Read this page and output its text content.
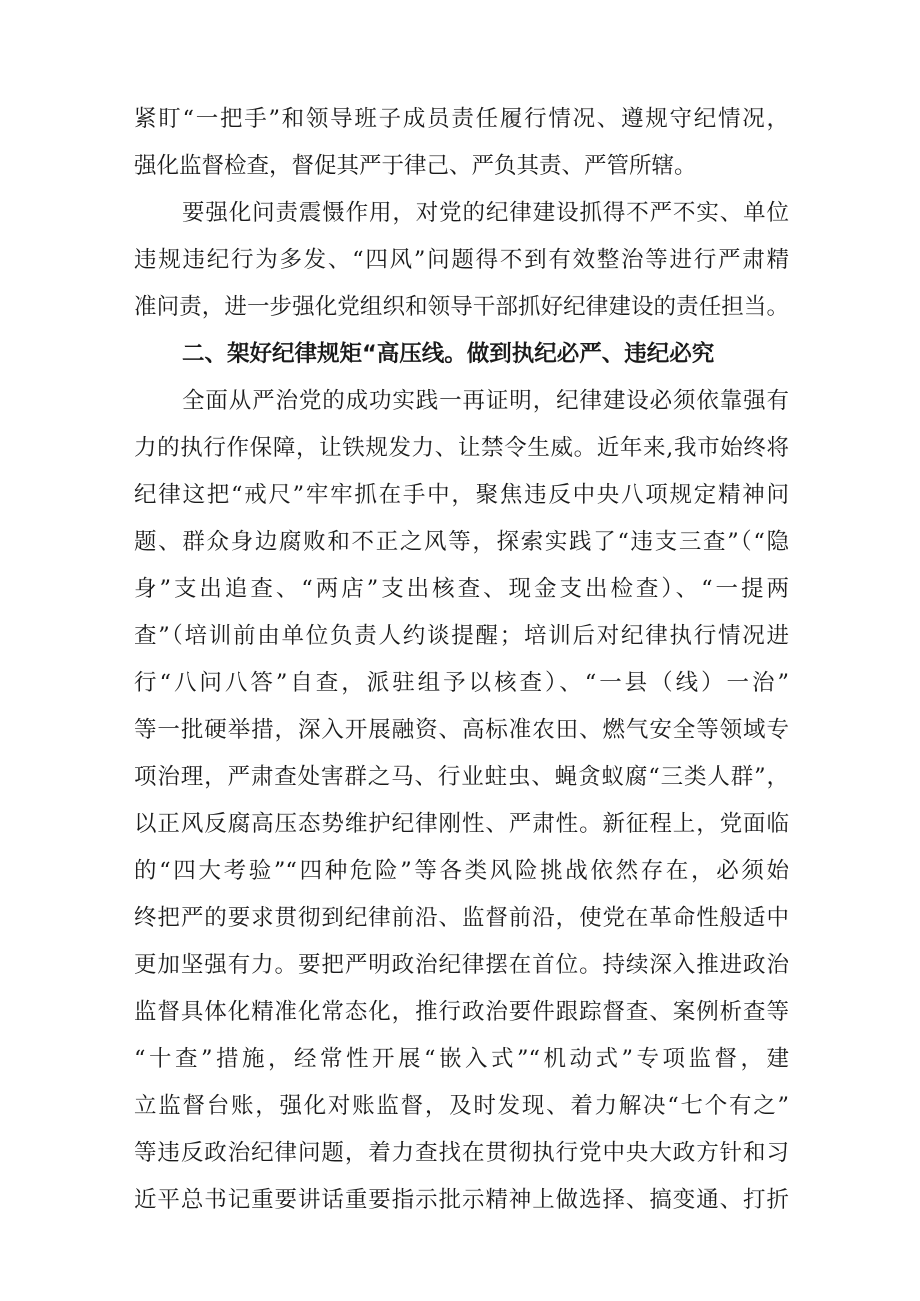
紧盯“一把手”和领导班子成员责任履行情况、遵规守纪情况，
强化监督检查，督促其严于律己、严负其责、严管所辖。
要强化问责震慑作用，对党的纪律建设抓得不严不实、单位
违规违纪行为多发、“四风”问题得不到有效整治等进行严肃精
准问责，进一步强化党组织和领导干部抓好纪律建设的责任担当。
二、架好纪律规矩“高压线。做到执纪必严、违纪必究
全面从严治党的成功实践一再证明，纪律建设必须依靠强有
力的执行作保障，让铁规发力、让禁令生威。近年来,我市始终将
纪律这把“戒尺”牢牢抓在手中，聚焦违反中央八项规定精神问
题、群众身边腐败和不正之风等，探索实践了“违支三查”（“隐
身”支出追查、“两店”支出核查、现金支出检查）、“一提两
查”（培训前由单位负责人约谈提醒；培训后对纪律执行情况进
行“八问八答”自查，派驻组予以核查）、“一县（线）一治”
等一批硬举措，深入开展融资、高标准农田、燃气安全等领域专
项治理，严肃查处害群之马、行业蛀虫、蝇贪蚁腐“三类人群”，
以正风反腐高压态势维护纪律刚性、严肃性。新征程上，党面临
的“四大考验”“四种危险”等各类风险挑战依然存在，必须始
终把严的要求贯彻到纪律前沿、监督前沿，使党在革命性般适中
更加坚强有力。要把严明政治纪律摆在首位。持续深入推进政治
监督具体化精准化常态化，推行政治要件跟踪督查、案例析查等
“十查”措施，经常性开展“嵌入式”“机动式”专项监督，建
立监督台账，强化对账监督，及时发现、着力解决“七个有之”
等违反政治纪律问题，着力查找在贯彻执行党中央大政方针和习
近平总书记重要讲话重要指示批示精神上做选择、搞变通、打折
